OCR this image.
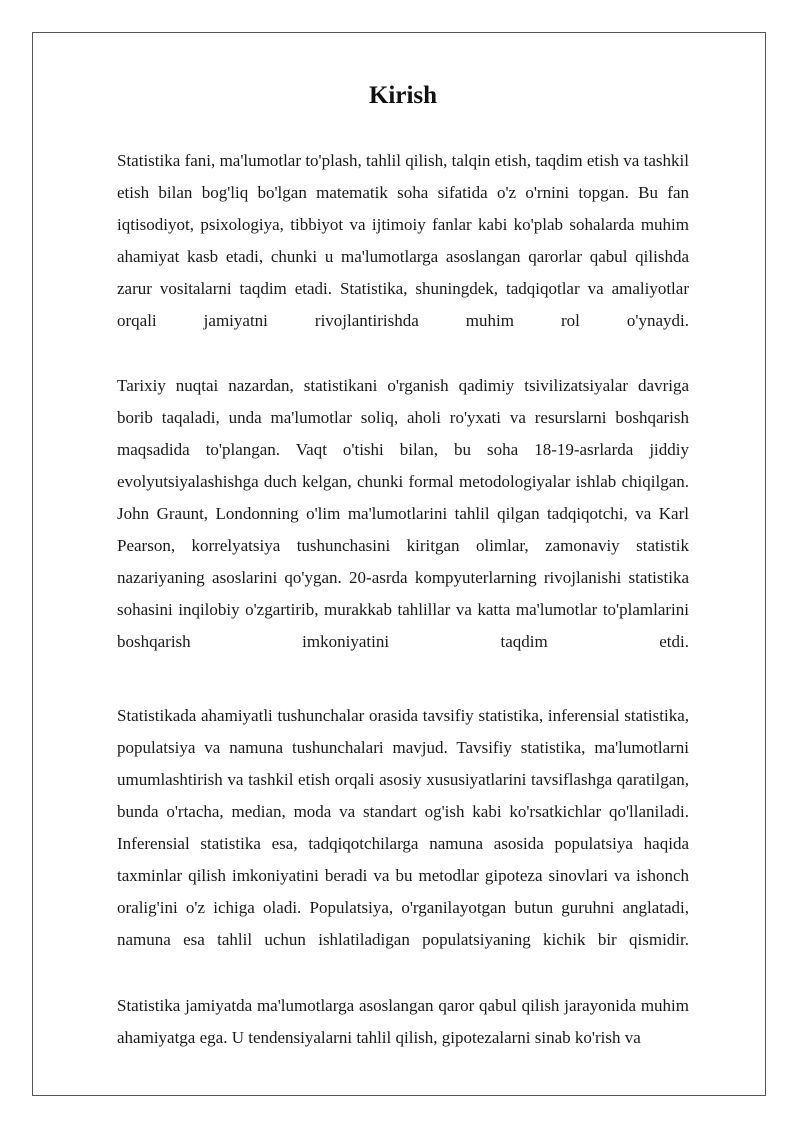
Kirish

Statistika fani, ma'lumotlar to'plash, tahlil qilish, talqin etish, taqdim etish va tashkil etish bilan bog'liq bo'lgan matematik soha sifatida o'z o'rnini topgan. Bu fan iqtisodiyot, psixologiya, tibbiyot va ijtimoiy fanlar kabi ko'plab sohalarda muhim ahamiyat kasb etadi, chunki u ma'lumotlarga asoslangan qarorlar qabul qilishda zarur vositalarni taqdim etadi. Statistika, shuningdek, tadqiqotlar va amaliyotlar orqali jamiyatni rivojlantirishda muhim rol o'ynaydi.

Tarixiy nuqtai nazardan, statistikani o'rganish qadimiy tsivilizatsiyalar davriga borib taqaladi, unda ma'lumotlar soliq, aholi ro'yxati va resurslarni boshqarish maqsadida to'plangan. Vaqt o'tishi bilan, bu soha 18-19-asrlarda jiddiy evolyutsiyalashishga duch kelgan, chunki formal metodologiyalar ishlab chiqilgan. John Graunt, Londonning o'lim ma'lumotlarini tahlil qilgan tadqiqotchi, va Karl Pearson, korrelyatsiya tushunchasini kiritgan olimlar, zamonaviy statistik nazariyaning asoslarini qo'ygan. 20-asrda kompyuterlarning rivojlanishi statistika sohasini inqilobiy o'zgartirib, murakkab tahlillar va katta ma'lumotlar to'plamlarini boshqarish imkoniyatini taqdim etdi.

Statistikada ahamiyatli tushunchalar orasida tavsifiy statistika, inferensial statistika, populatsiya va namuna tushunchalari mavjud. Tavsifiy statistika, ma'lumotlarni umumlashtirish va tashkil etish orqali asosiy xususiyatlarini tavsiflashga qaratilgan, bunda o'rtacha, median, moda va standart og'ish kabi ko'rsatkichlar qo'llaniladi. Inferensial statistika esa, tadqiqotchilarga namuna asosida populatsiya haqida taxminlar qilish imkoniyatini beradi va bu metodlar gipoteza sinovlari va ishonch oralig'ini o'z ichiga oladi. Populatsiya, o'rganilayotgan butun guruhni anglatadi, namuna esa tahlil uchun ishlatiladigan populatsiyaning kichik bir qismidir.

Statistika jamiyatda ma'lumotlarga asoslangan qaror qabul qilish jarayonida muhim ahamiyatga ega. U tendensiyalarni tahlil qilish, gipotezalarni sinab ko'rish va
